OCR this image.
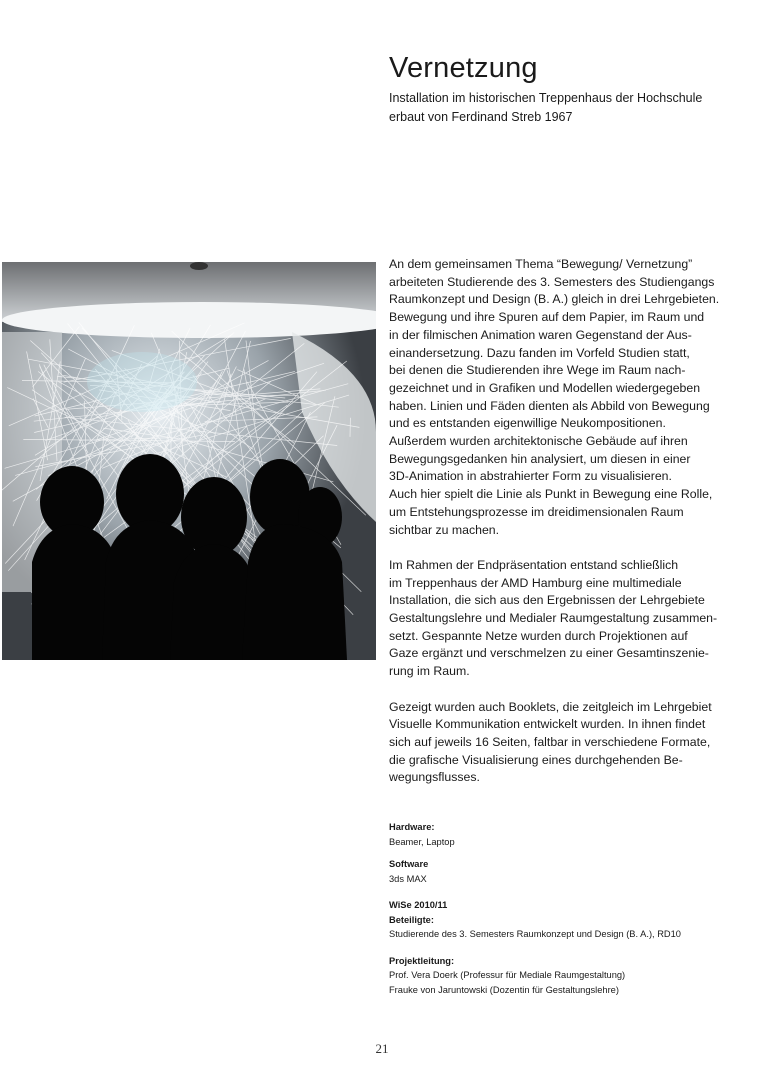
Vernetzung
Installation im historischen Treppenhaus der Hochschule
erbaut von Ferdinand Streb 1967

An dem gemeinsamen Thema “Bewegung/ Vernetzung”
arbeiteten Studierende des 3. Semesters des Studiengangs
Raumkonzept und Design (B. A.) gleich in drei Lehrgebieten.
Bewegung und ihre Spuren auf dem Papier, im Raum und
in der filmischen Animation waren Gegenstand der Aus-
einandersetzung. Dazu fanden im Vorfeld Studien statt,
bei denen die Studierenden ihre Wege im Raum nach-
gezeichnet und in Grafiken und Modellen wiedergegeben
haben. Linien und Fäden dienten als Abbild von Bewegung
und es entstanden eigenwillige Neukompositionen.
Außerdem wurden architektonische Gebäude auf ihren
Bewegungsgedanken hin analysiert, um diesen in einer
3D-Animation in abstrahierter Form zu visualisieren.
Auch hier spielt die Linie als Punkt in Bewegung eine Rolle,
um Entstehungsprozesse im dreidimensionalen Raum
sichtbar zu machen.

Im Rahmen der Endpräsentation entstand schließlich
im Treppenhaus der AMD Hamburg eine multimediale
Installation, die sich aus den Ergebnissen der Lehrgebiete
Gestaltungslehre und Medialer Raumgestaltung zusammen-
setzt. Gespannte Netze wurden durch Projektionen auf
Gaze ergänzt und verschmelzen zu einer Gesamtinszenie-
rung im Raum.

Gezeigt wurden auch Booklets, die zeitgleich im Lehrgebiet
Visuelle Kommunikation entwickelt wurden. In ihnen findet
sich auf jeweils 16 Seiten, faltbar in verschiedene Formate,
die grafische Visualisierung eines durchgehenden Be-
wegungsflusses.

Hardware:
Beamer, Laptop
Software
3ds MAX
WiSe 2010/11
Beteiligte:
Studierende des 3. Semesters Raumkonzept und Design (B. A.), RD10
Projektleitung:
Prof. Vera Doerk (Professur für Mediale Raumgestaltung)
Frauke von Jaruntowski (Dozentin für Gestaltungslehre)
21
